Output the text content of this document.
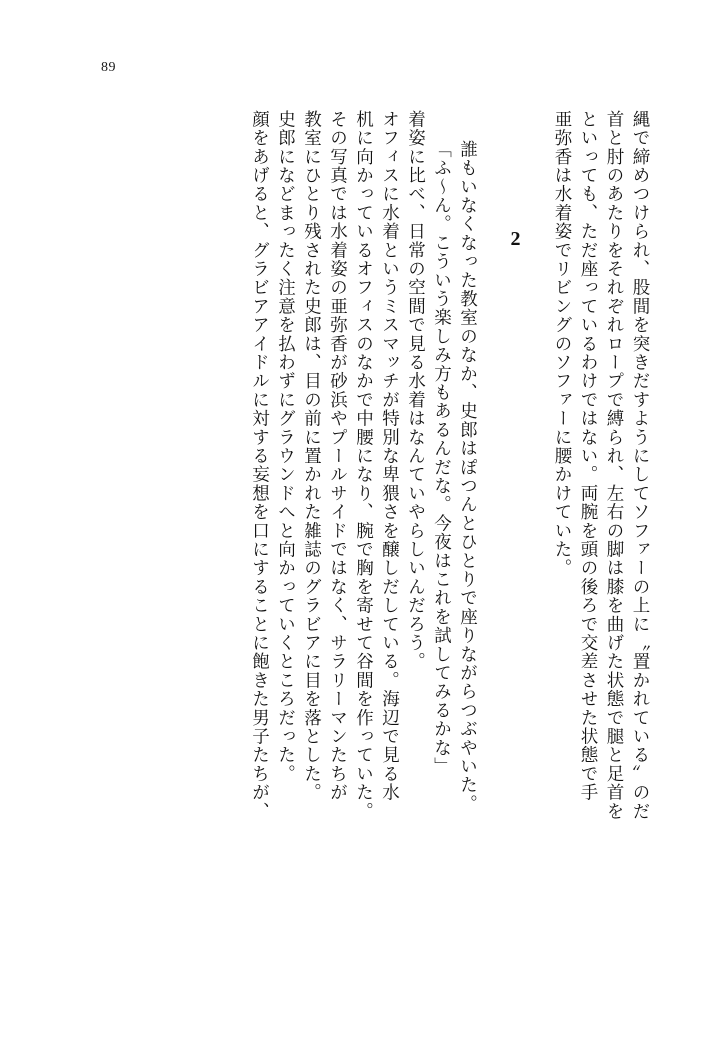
89
顔をあげると、グラビアアイドルに対する妄想を口にすることに飽きた男子たちが、 史郎になどまったく注意を払わずにグラウンドへと向かっていくところだった。 教室にひとり残された史郎は、目の前に置かれた雑誌のグラビアに目を落とした。 その写真では水着姿の亜弥香が砂浜やプールサイドではなく、サラリーマンたちが 机に向かっているオフィスのなかで中腰になり、腕で胸を寄せて谷間を作っていた。 オフィスに水着というミスマッチが特別な卑猥さを醸しだしている。海辺で見る水 着姿に比べ、日常の空間で見る水着はなんていやらしいんだろう。 「ふ〜ん。こういう楽しみ方もあるんだな。今夜はこれを試してみるかな」 誰もいなくなった教室のなか、史郎はぽつんとひとりで座りながらつぶやいた。 2 亜弥香は水着姿でリビングのソファーに腰かけていた。 といっても、ただ座っているわけではない。両腕を頭の後ろで交差させた状態で手 首と肘のあたりをそれぞれロープで縛られ、左右の脚は膝を曲げた状態で腿と足首を 縄で締めつけられ、股間を突きだすようにしてソファーの上に〝置かれている〟のだ
